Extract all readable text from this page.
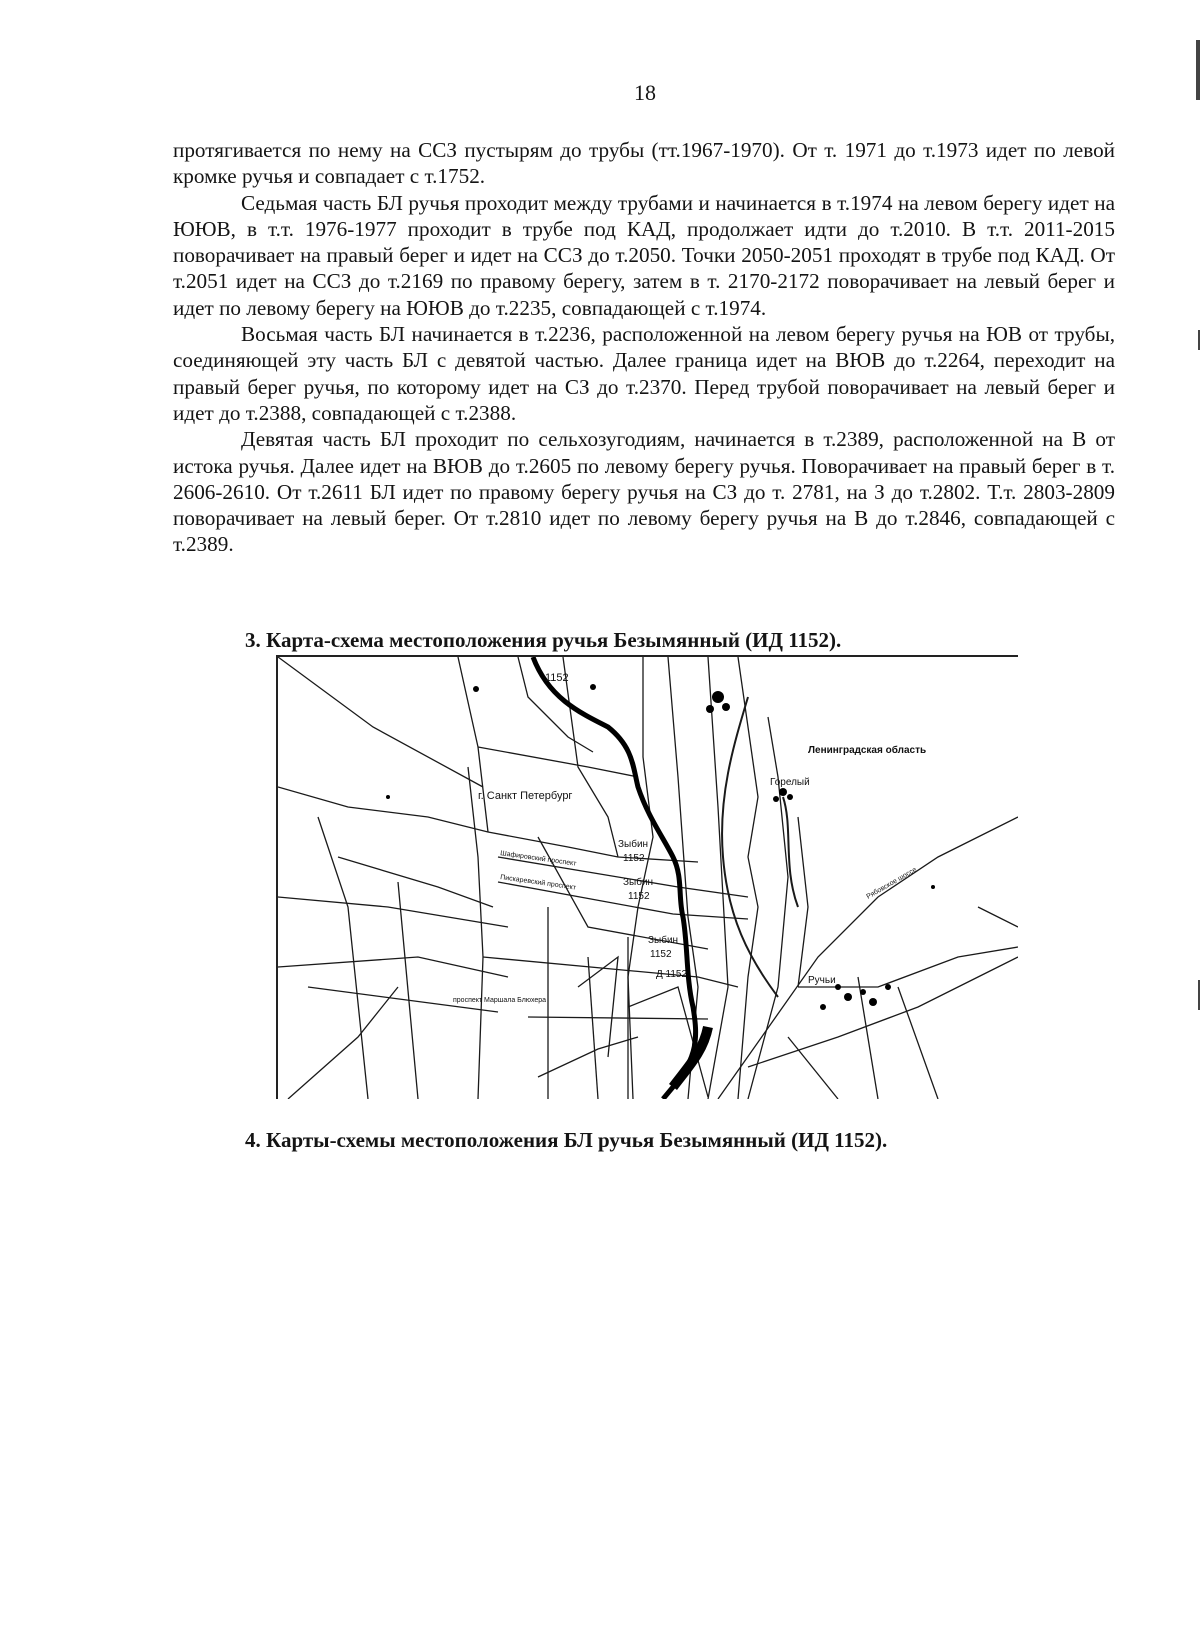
18

протягивается по нему на ССЗ пустырям до трубы (тт.1967-1970). От т. 1971 до т.1973 идет по левой кромке ручья и совпадает с т.1752.

Седьмая часть БЛ ручья проходит между трубами и начинается в т.1974 на левом берегу идет на ЮЮВ, в т.т. 1976-1977 проходит в трубе под КАД, продолжает идти до т.2010. В т.т. 2011-2015 поворачивает на правый берег и идет на ССЗ до т.2050. Точки 2050-2051 проходят в трубе под КАД. От т.2051 идет на ССЗ до т.2169 по правому берегу, затем в т. 2170-2172 поворачивает на левый берег и идет по левому берегу на ЮЮВ до т.2235, совпадающей с т.1974.

Восьмая часть БЛ начинается в т.2236, расположенной на левом берегу ручья на ЮВ от трубы, соединяющей эту часть БЛ с девятой частью. Далее граница идет на ВЮВ до т.2264, переходит на правый берег ручья, по которому идет на СЗ до т.2370. Перед трубой поворачивает на левый берег и идет до т.2388, совпадающей с т.2388.

Девятая часть БЛ проходит по сельхозугодиям, начинается в т.2389, расположенной на В от истока ручья. Далее идет на ВЮВ до т.2605 по левому берегу ручья. Поворачивает на правый берег в т. 2606-2610. От т.2611 БЛ идет по правому берегу ручья на СЗ до т. 2781, на З до т.2802. Т.т. 2803-2809 поворачивает на левый берег. От т.2810 идет по левому берегу ручья на В до т.2846, совпадающей с т.2389.

3. Карта-схема местоположения ручья Безымянный (ИД 1152).
Ленинградская область
г. Санкт Петербург
1152
Зыбин
1152
Зыбин
1152
Зыбин
1152
Д 1152
Горелый
Ручьи
Шафировский проспект
Пискаревский проспект
проспект Маршала Блюхера
Рябовское шоссе
4. Карты-схемы местоположения БЛ ручья Безымянный (ИД 1152).
